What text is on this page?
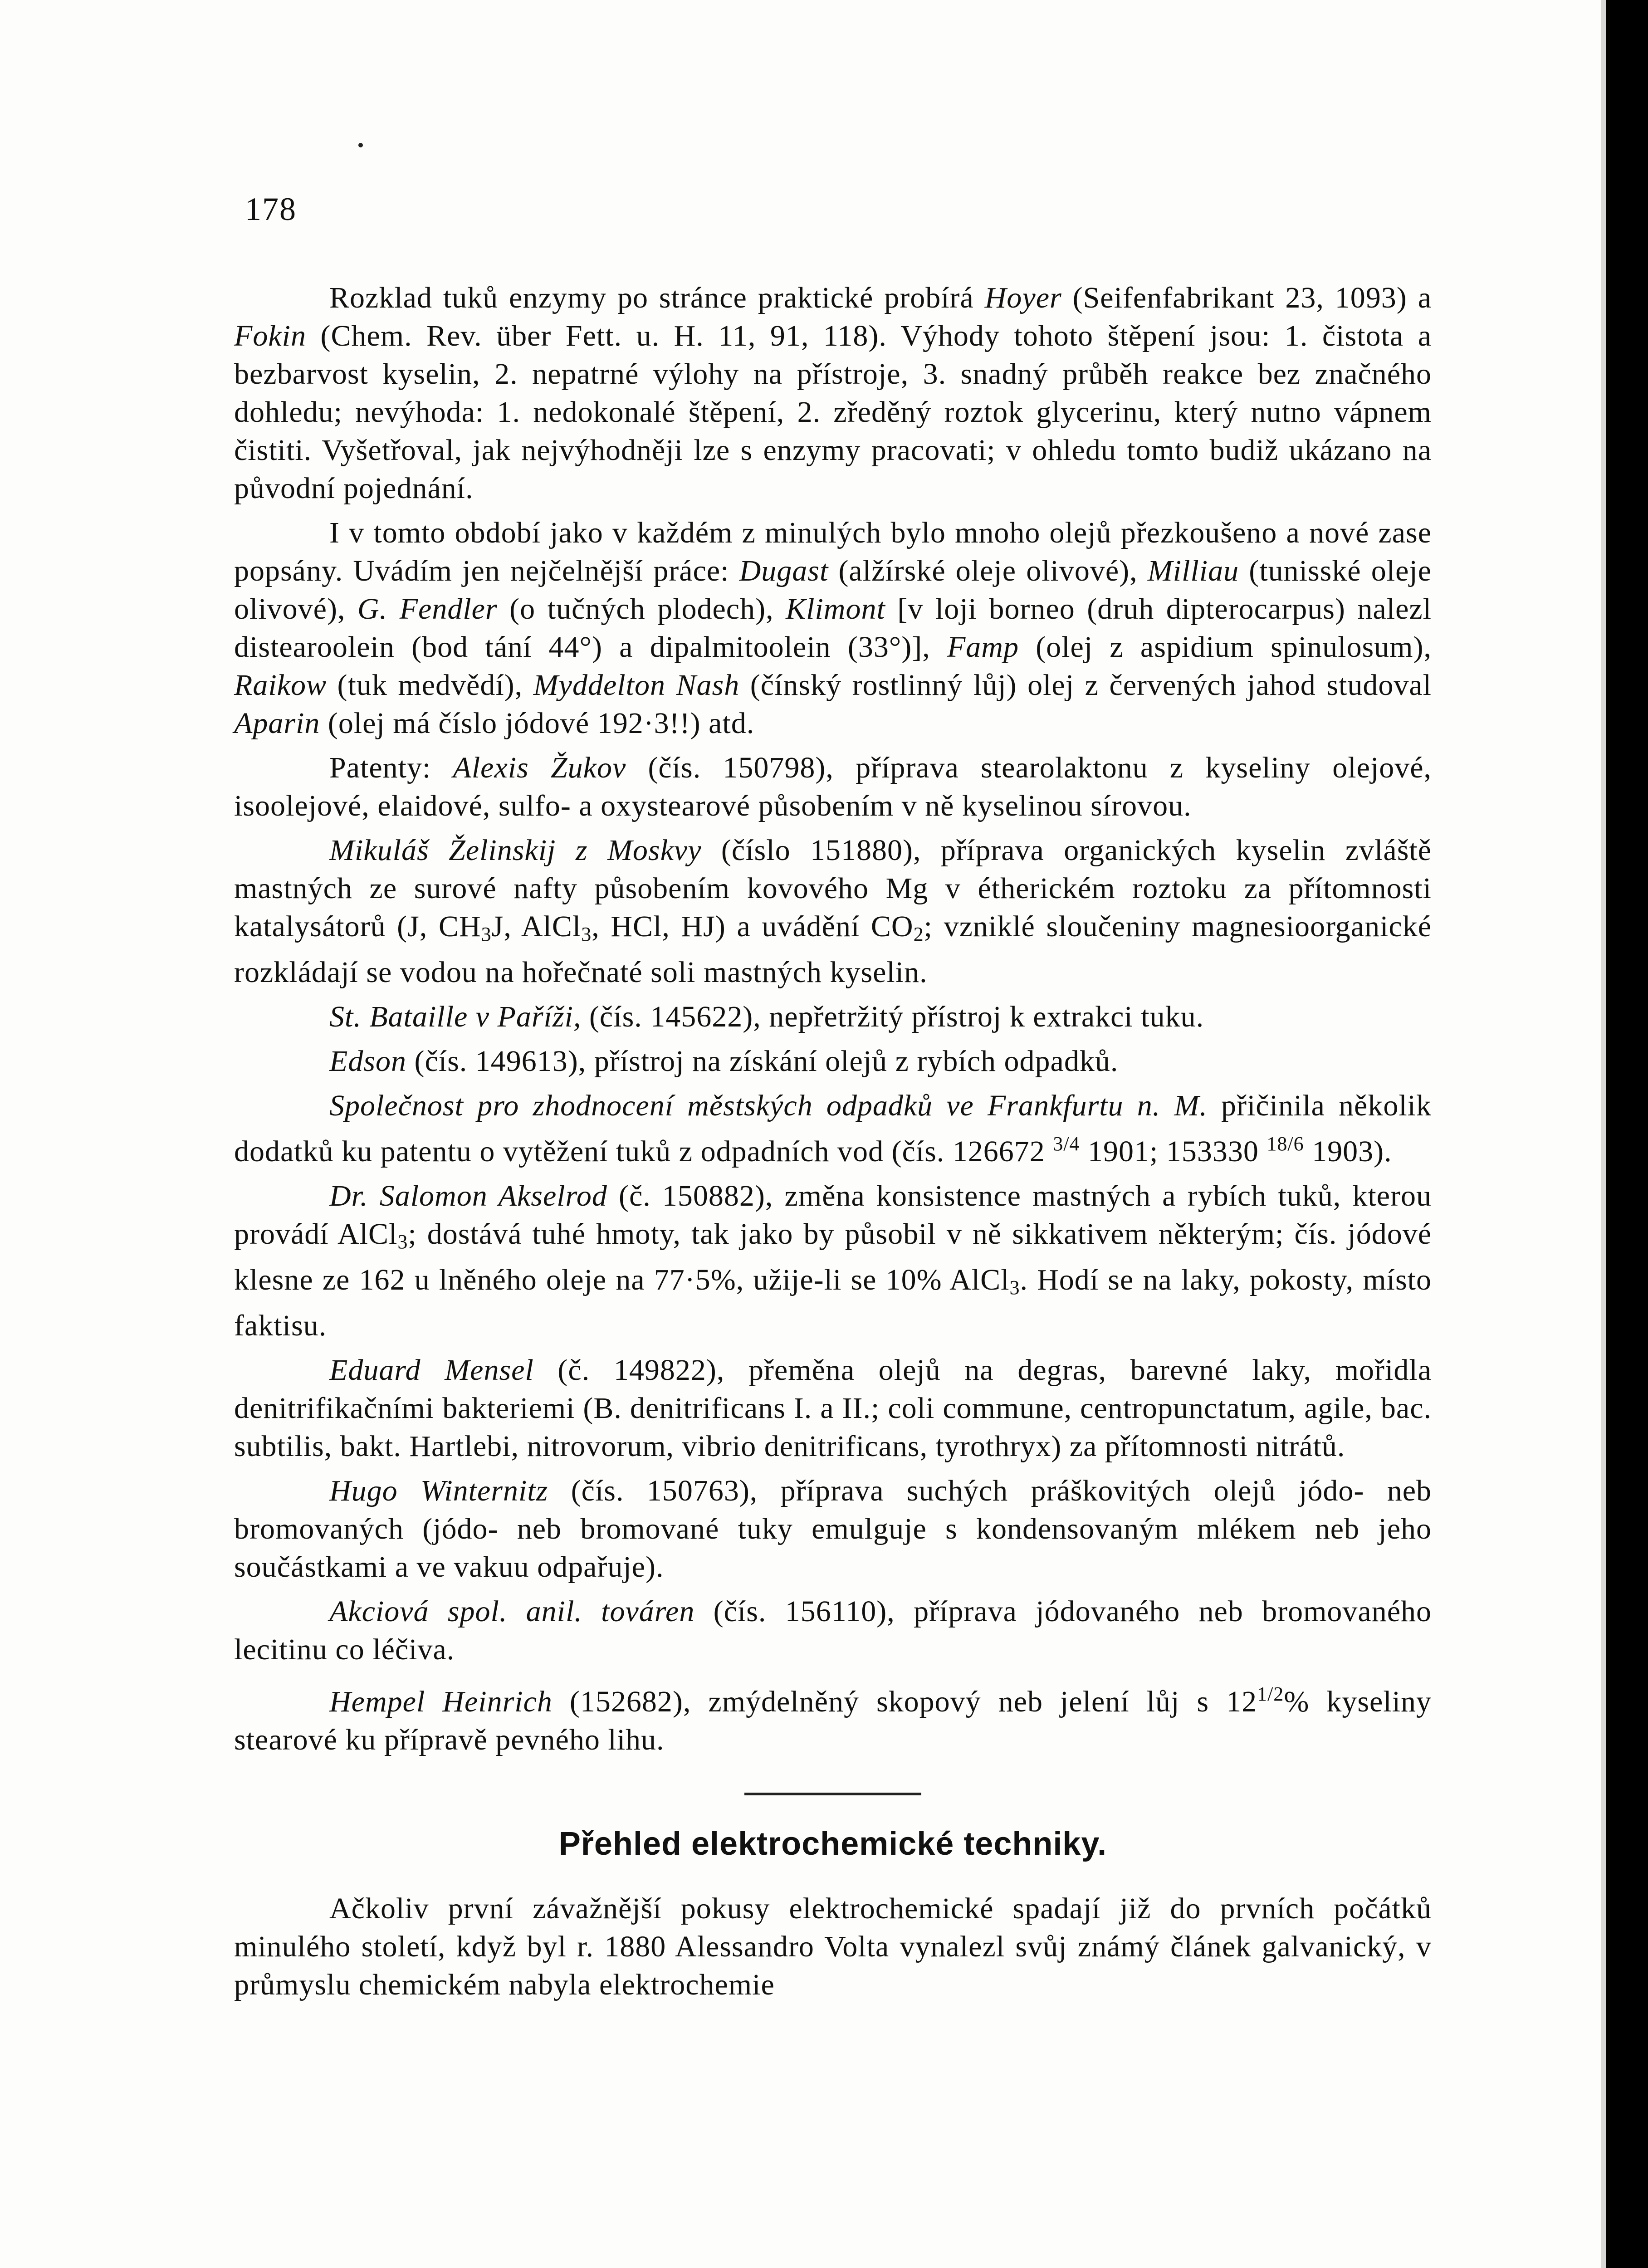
178

Rozklad tuků enzymy po stránce praktické probírá Hoyer (Seifenfabrikant 23, 1093) a Fokin (Chem. Rev. über Fett. u. H. 11, 91, 118). Výhody tohoto štěpení jsou: 1. čistota a bezbarvost kyselin, 2. nepatrné výlohy na přístroje, 3. snadný průběh reakce bez značného dohledu; nevýhoda: 1. nedokonalé štěpení, 2. zředěný roztok glycerinu, který nutno vápnem čistiti. Vyšetřoval, jak nejvýhodněji lze s enzymy pracovati; v ohledu tomto budiž ukázano na původní pojednání.

I v tomto období jako v každém z minulých bylo mnoho olejů přezkoušeno a nové zase popsány. Uvádím jen nejčelnější práce: Dugast (alžírské oleje olivové), Milliau (tunisské oleje olivové), G. Fendler (o tučných plodech), Klimont [v loji borneo (druh dipterocarpus) nalezl distearoolein (bod tání 44°) a dipalmitoolein (33°)], Famp (olej z aspidium spinulosum), Raikow (tuk medvědí), Myddelton Nash (čínský rostlinný lůj) olej z červených jahod studoval Aparin (olej má číslo jódové 192·3!!) atd.

Patenty: Alexis Žukov (čís. 150798), příprava stearolaktonu z kyseliny olejové, isoolejové, elaidové, sulfo- a oxystearové působením v ně kyselinou sírovou.

Mikuláš Želinskij z Moskvy (číslo 151880), příprava organických kyselin zvláště mastných ze surové nafty působením kovového Mg v étherickém roztoku za přítomnosti katalysátorů (J, $CH_3J$, AlCl$_3$, HCl, HJ) a uvádění $CO_2$; vzniklé sloučeniny magnesioorganické rozkládají se vodou na hořečnaté soli mastných kyselin.

St. Bataille v Paříži, (čís. 145622), nepřetržitý přístroj k extrakci tuku.

Edson (čís. 149613), přístroj na získání olejů z rybích odpadků.

Společnost pro zhodnocení městských odpadků ve Frankfurtu n. M. přičinila několik dodatků ku patentu o vytěžení tuků z odpadních vod (čís. 126672 $^{3/4}$ 1901; 153330 $^{18/6}$ 1903).

Dr. Salomon Akselrod (č. 150882), změna konsistence mastných a rybích tuků, kterou provádí AlCl$_3$; dostává tuhé hmoty, tak jako by působil v ně sikkativem některým; čís. jódové klesne ze 162 u lněného oleje na 77·5%, užije-li se 10% AlCl$_3$. Hodí se na laky, pokosty, místo faktisu.

Eduard Mensel (č. 149822), přeměna olejů na degras, barevné laky, mořidla denitrifikačními bakteriemi (B. denitrificans I. a II.; coli commune, centropunctatum, agile, bac. subtilis, bakt. Hartlebi, nitrovorum, vibrio denitrificans, tyrothryx) za přítomnosti nitrátů.

Hugo Winternitz (čís. 150763), příprava suchých práškovitých olejů jódo- neb bromovaných (jódo- neb bromované tuky emulguje s kondensovaným mlékem neb jeho součástkami a ve vakuu odpařuje).

Akciová spol. anil. továren (čís. 156110), příprava jódovaného neb bromovaného lecitinu co léčiva.

Hempel Heinrich (152682), zmýdelněný skopový neb jelení lůj s $12^{1/2}\%$ kyseliny stearové ku přípravě pevného lihu.

Přehled elektrochemické techniky.

Ačkoliv první závažnější pokusy elektrochemické spadají již do prvních počátků minulého století, když byl r. 1880 Alessandro Volta vynalezl svůj známý článek galvanický, v průmyslu chemickém nabyla elektrochemie
